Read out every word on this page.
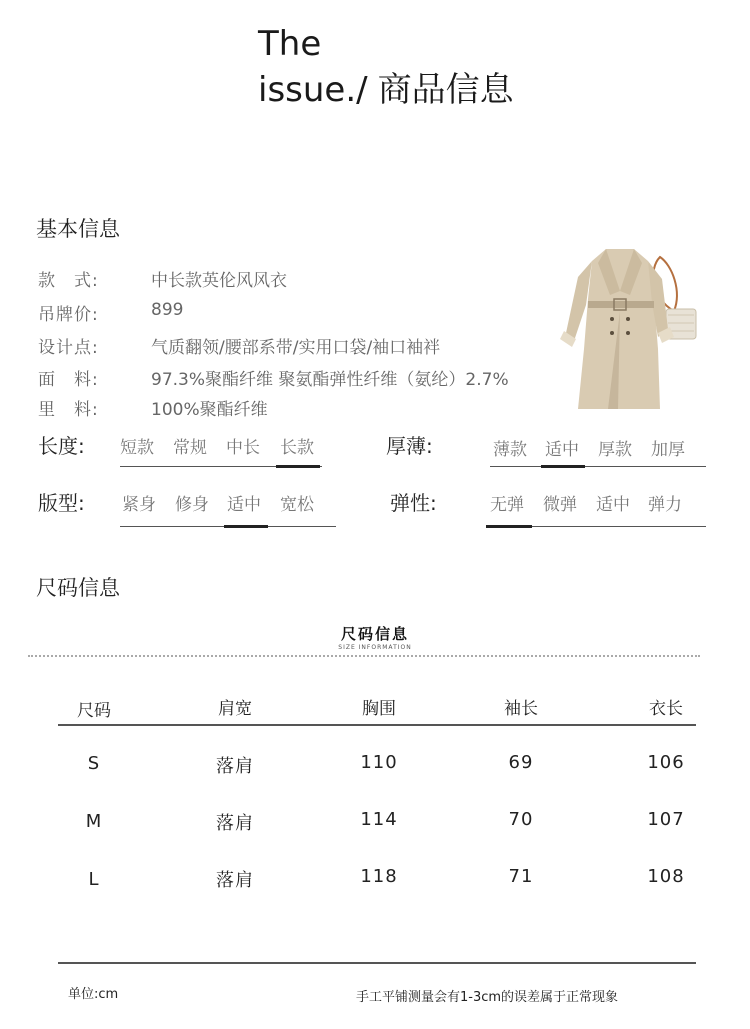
The
issue./ 商品信息
基本信息
款　式:	中长款英伦风风衣
吊牌价:	899
设计点:	气质翻领/腰部系带/实用口袋/袖口袖袢
面　料:	97.3%聚酯纤维 聚氨酯弹性纤维（氨纶）2.7%
里　料:	100%聚酯纤维
长度: 短款 常规 中长 长款	厚薄:	薄款 适中 厚款 加厚
版型: 紧身 修身 适中 宽松	弹性:	无弹 微弹 适中 弹力
尺码信息
尺码信息
SIZE INFORMATION
尺码	肩宽	胸围	袖长	衣长
S	落肩	110	69	106
M	落肩	114	70	107
L	落肩	118	71	108
单位:cm	手工平铺测量会有1-3cm的误差属于正常现象
